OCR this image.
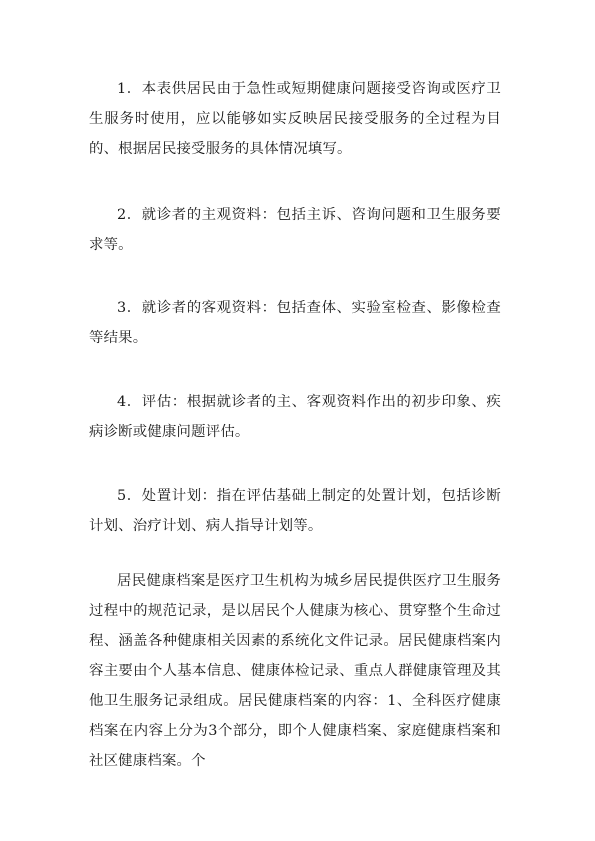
1．本表供居民由于急性或短期健康问题接受咨询或医疗卫生服务时使用，应以能够如实反映居民接受服务的全过程为目的、根据居民接受服务的具体情况填写。

2．就诊者的主观资料：包括主诉、咨询问题和卫生服务要求等。

3．就诊者的客观资料：包括查体、实验室检查、影像检查等结果。

4．评估：根据就诊者的主、客观资料作出的初步印象、疾病诊断或健康问题评估。

5．处置计划：指在评估基础上制定的处置计划，包括诊断计划、治疗计划、病人指导计划等。

居民健康档案是医疗卫生机构为城乡居民提供医疗卫生服务过程中的规范记录，是以居民个人健康为核心、贯穿整个生命过程、涵盖各种健康相关因素的系统化文件记录。居民健康档案内容主要由个人基本信息、健康体检记录、重点人群健康管理及其他卫生服务记录组成。居民健康档案的内容：1、全科医疗健康档案在内容上分为3个部分，即个人健康档案、家庭健康档案和社区健康档案。个
